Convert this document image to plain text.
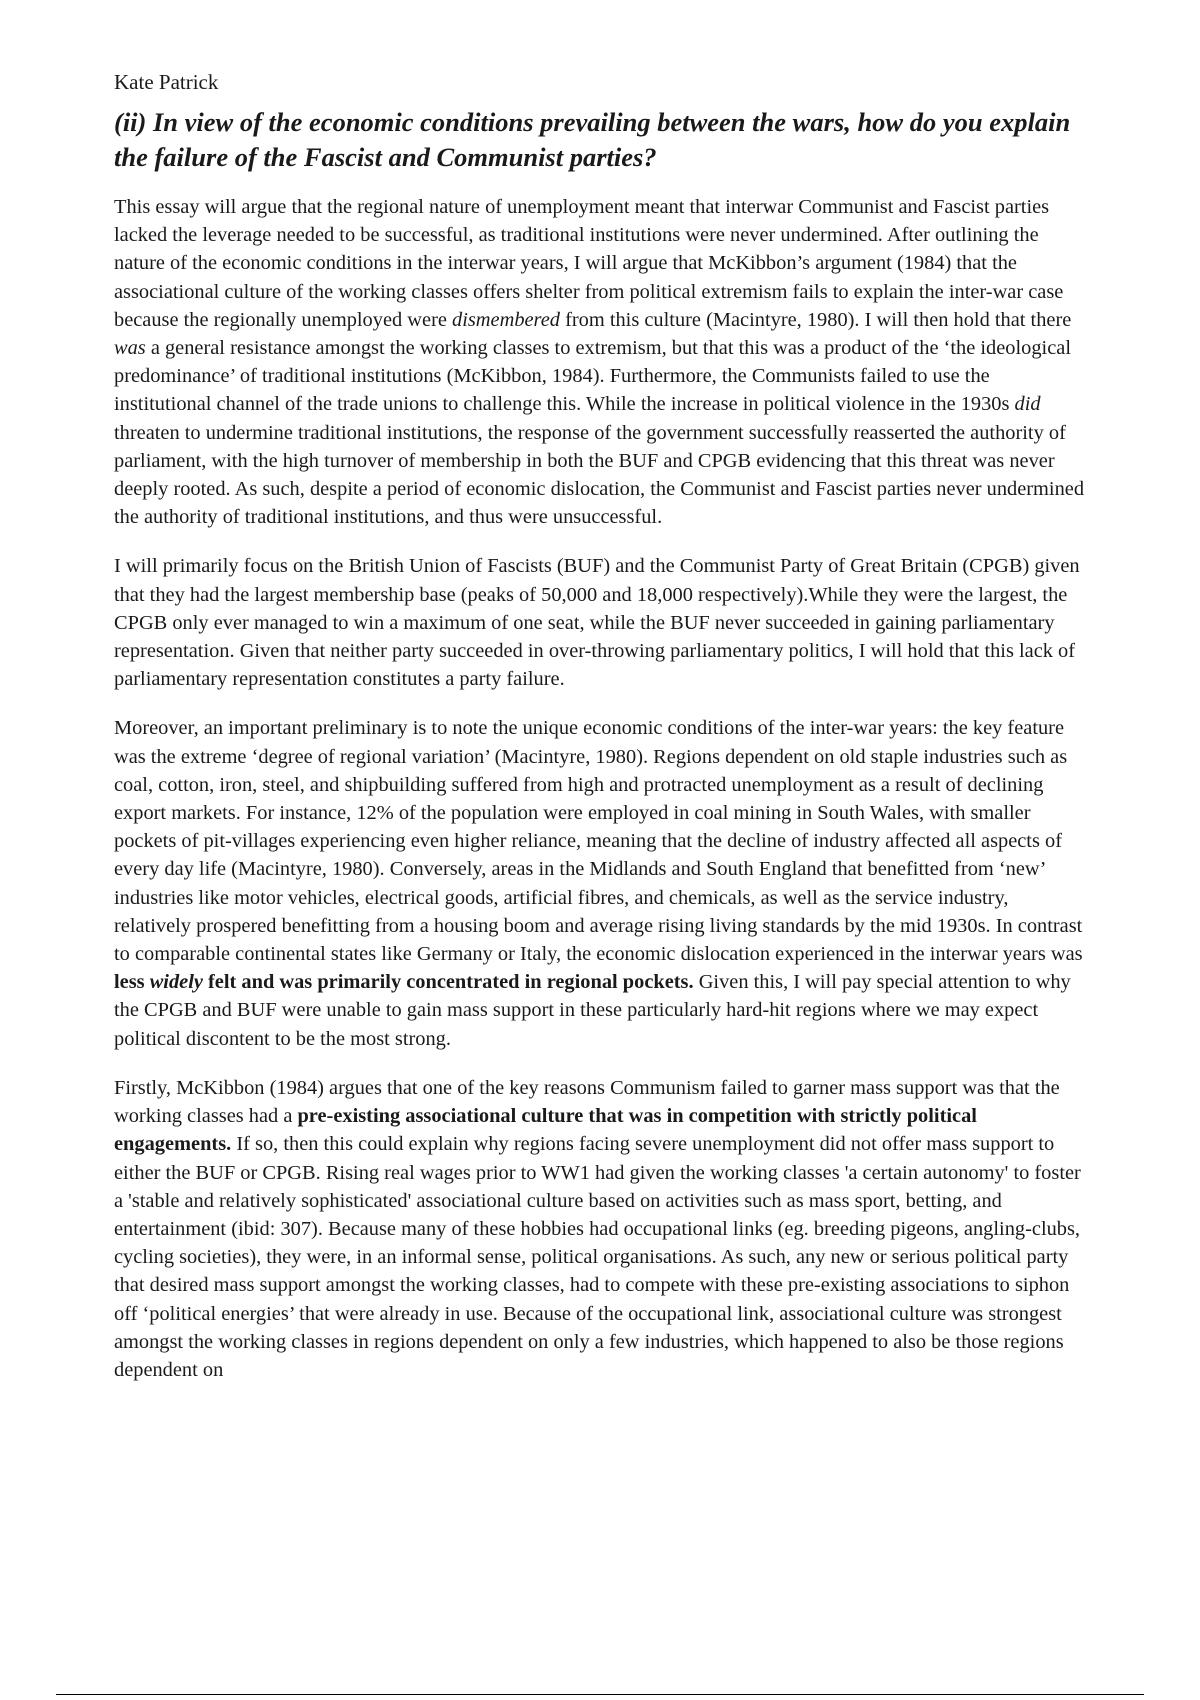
Kate Patrick
(ii) In view of the economic conditions prevailing between the wars, how do you explain the failure of the Fascist and Communist parties?

This essay will argue that the regional nature of unemployment meant that interwar Communist and Fascist parties lacked the leverage needed to be successful, as traditional institutions were never undermined. After outlining the nature of the economic conditions in the interwar years, I will argue that McKibbon’s argument (1984) that the associational culture of the working classes offers shelter from political extremism fails to explain the inter-war case because the regionally unemployed were dismembered from this culture (Macintyre, 1980). I will then hold that there was a general resistance amongst the working classes to extremism, but that this was a product of the ‘the ideological predominance’ of traditional institutions (McKibbon, 1984). Furthermore, the Communists failed to use the institutional channel of the trade unions to challenge this. While the increase in political violence in the 1930s did threaten to undermine traditional institutions, the response of the government successfully reasserted the authority of parliament, with the high turnover of membership in both the BUF and CPGB evidencing that this threat was never deeply rooted. As such, despite a period of economic dislocation, the Communist and Fascist parties never undermined the authority of traditional institutions, and thus were unsuccessful.

I will primarily focus on the British Union of Fascists (BUF) and the Communist Party of Great Britain (CPGB) given that they had the largest membership base (peaks of 50,000 and 18,000 respectively).While they were the largest, the CPGB only ever managed to win a maximum of one seat, while the BUF never succeeded in gaining parliamentary representation. Given that neither party succeeded in over-throwing parliamentary politics, I will hold that this lack of parliamentary representation constitutes a party failure.

Moreover, an important preliminary is to note the unique economic conditions of the inter-war years: the key feature was the extreme ‘degree of regional variation’ (Macintyre, 1980). Regions dependent on old staple industries such as coal, cotton, iron, steel, and shipbuilding suffered from high and protracted unemployment as a result of declining export markets. For instance, 12% of the population were employed in coal mining in South Wales, with smaller pockets of pit-villages experiencing even higher reliance, meaning that the decline of industry affected all aspects of every day life (Macintyre, 1980). Conversely, areas in the Midlands and South England that benefitted from ‘new’ industries like motor vehicles, electrical goods, artificial fibres, and chemicals, as well as the service industry, relatively prospered benefitting from a housing boom and average rising living standards by the mid 1930s. In contrast to comparable continental states like Germany or Italy, the economic dislocation experienced in the interwar years was less widely felt and was primarily concentrated in regional pockets. Given this, I will pay special attention to why the CPGB and BUF were unable to gain mass support in these particularly hard-hit regions where we may expect political discontent to be the most strong.

Firstly, McKibbon (1984) argues that one of the key reasons Communism failed to garner mass support was that the working classes had a pre-existing associational culture that was in competition with strictly political engagements. If so, then this could explain why regions facing severe unemployment did not offer mass support to either the BUF or CPGB. Rising real wages prior to WW1 had given the working classes 'a certain autonomy' to foster a 'stable and relatively sophisticated' associational culture based on activities such as mass sport, betting, and entertainment (ibid: 307). Because many of these hobbies had occupational links (eg. breeding pigeons, angling-clubs, cycling societies), they were, in an informal sense, political organisations. As such, any new or serious political party that desired mass support amongst the working classes, had to compete with these pre-existing associations to siphon off ‘political energies’ that were already in use. Because of the occupational link, associational culture was strongest amongst the working classes in regions dependent on only a few industries, which happened to also be those regions dependent on
